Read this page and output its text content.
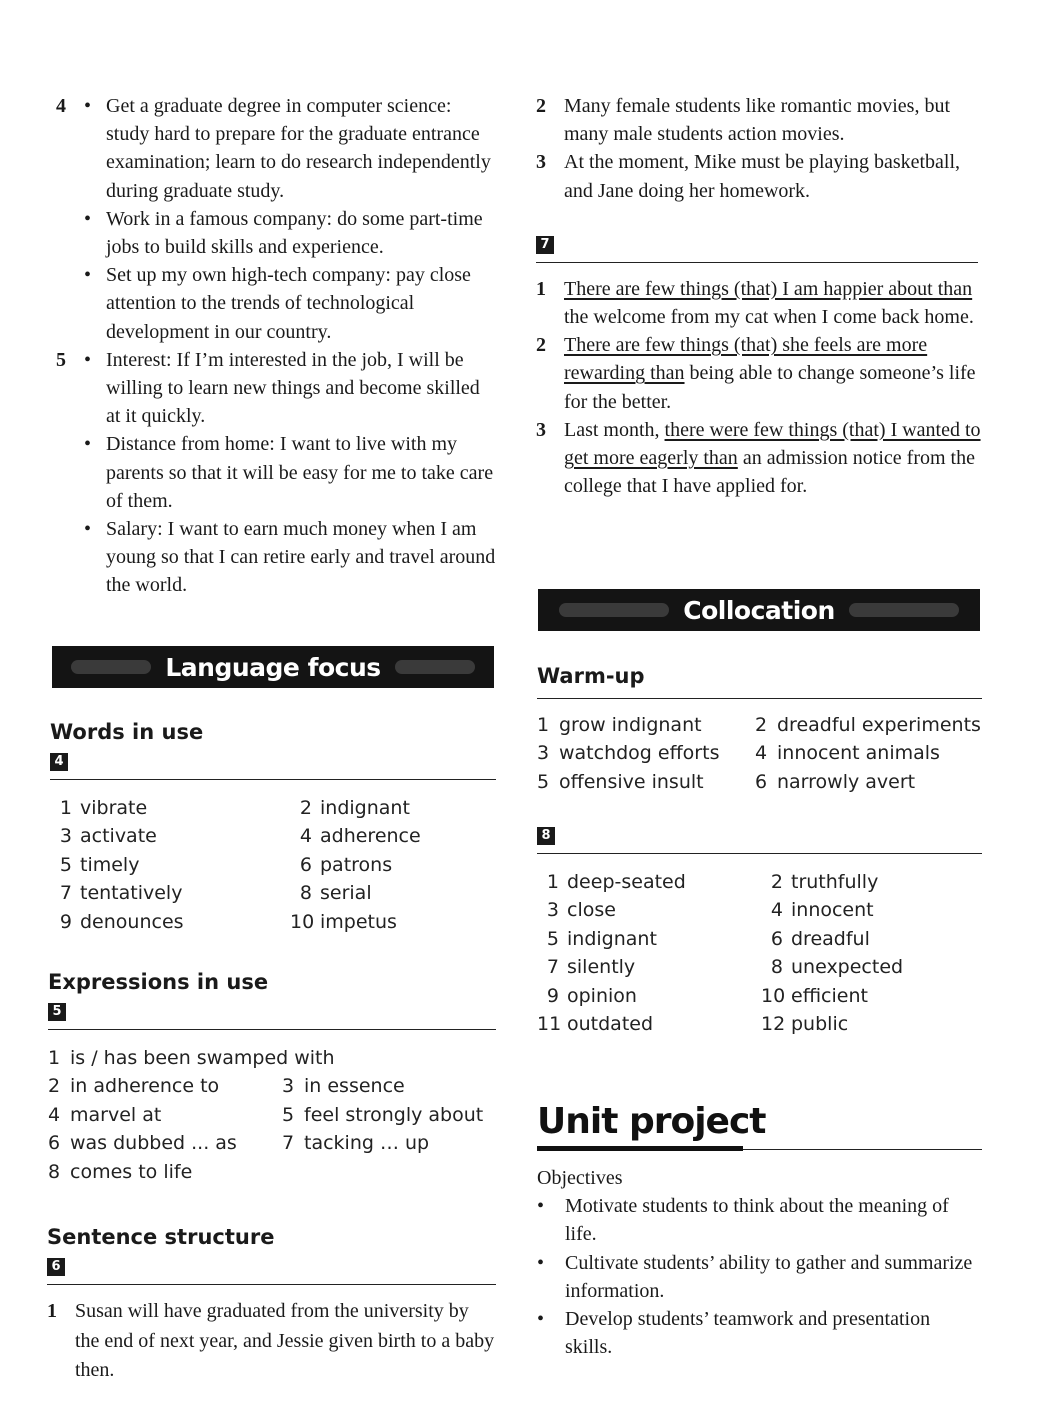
4 • Get a graduate degree in computer science: study hard to prepare for the graduate entrance examination; learn to do research independently during graduate study.
• Work in a famous company: do some part-time jobs to build skills and experience.
• Set up my own high-tech company: pay close attention to the trends of technological development in our country.
5 • Interest: If I’m interested in the job, I will be willing to learn new things and become skilled at it quickly.
• Distance from home: I want to live with my parents so that it will be easy for me to take care of them.
• Salary: I want to earn much money when I am young so that I can retire early and travel around the world.
Language focus
Words in use
4
1 vibrate	2 indignant
3 activate	4 adherence
5 timely	6 patrons
7 tentatively	8 serial
9 denounces	10 impetus
Expressions in use
5
1 is / has been swamped with
2 in adherence to	3 in essence
4 marvel at	5 feel strongly about
6 was dubbed ... as	7 tacking … up
8 comes to life
Sentence structure
6
1 Susan will have graduated from the university by the end of next year, and Jessie given birth to a baby then.
2 Many female students like romantic movies, but many male students action movies.
3 At the moment, Mike must be playing basketball, and Jane doing her homework.
7
1 There are few things (that) I am happier about than the welcome from my cat when I come back home.
2 There are few things (that) she feels are more rewarding than being able to change someone’s life for the better.
3 Last month, there were few things (that) I wanted to get more eagerly than an admission notice from the college that I have applied for.
Collocation
Warm-up
1 grow indignant	2 dreadful experiments
3 watchdog efforts	4 innocent animals
5 offensive insult	6 narrowly avert
8
1 deep-seated	2 truthfully
3 close	4 innocent
5 indignant	6 dreadful
7 silently	8 unexpected
9 opinion	10 efficient
11 outdated	12 public
Unit project
Objectives
• Motivate students to think about the meaning of life.
• Cultivate students’ ability to gather and summarize information.
• Develop students’ teamwork and presentation skills.
